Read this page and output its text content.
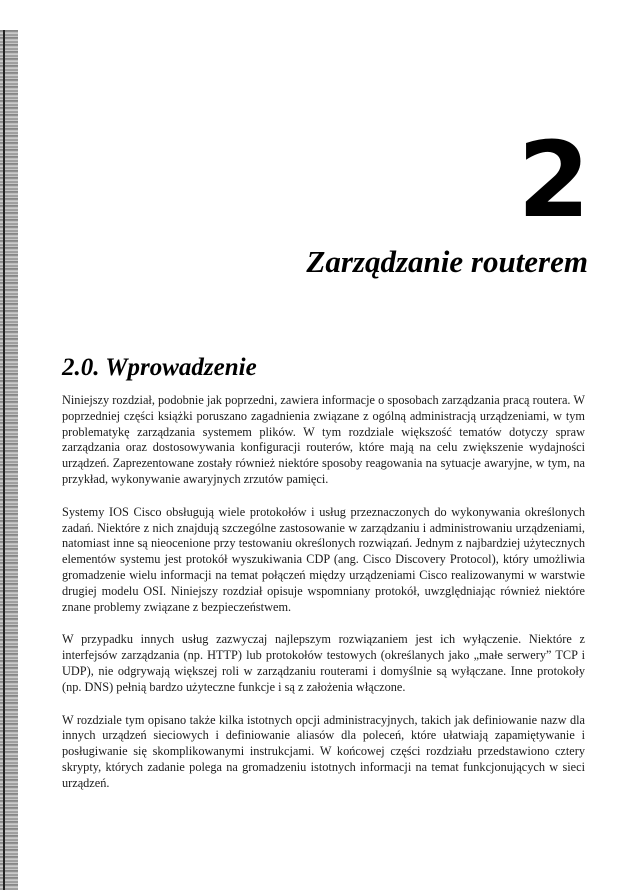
2
Zarządzanie routerem
2.0. Wprowadzenie

Niniejszy rozdział, podobnie jak poprzedni, zawiera informacje o sposobach zarządzania pracą routera. W poprzedniej części książki poruszano zagadnienia związane z ogólną administracją urządzeniami, w tym problematykę zarządzania systemem plików. W tym rozdziale większość tematów dotyczy spraw zarządzania oraz dostosowywania konfiguracji routerów, które mają na celu zwiększenie wydajności urządzeń. Zaprezentowane zostały również niektóre sposoby reagowania na sytuacje awaryjne, w tym, na przykład, wykonywanie awaryjnych zrzutów pamięci.

Systemy IOS Cisco obsługują wiele protokołów i usług przeznaczonych do wykonywania określonych zadań. Niektóre z nich znajdują szczególne zastosowanie w zarządzaniu i administrowaniu urządzeniami, natomiast inne są nieocenione przy testowaniu określonych rozwiązań. Jednym z najbardziej użytecznych elementów systemu jest protokół wyszukiwania CDP (ang. Cisco Discovery Protocol), który umożliwia gromadzenie wielu informacji na temat połączeń między urządzeniami Cisco realizowanymi w warstwie drugiej modelu OSI. Niniejszy rozdział opisuje wspomniany protokół, uwzględniając również niektóre znane problemy związane z bezpieczeństwem.

W przypadku innych usług zazwyczaj najlepszym rozwiązaniem jest ich wyłączenie. Niektóre z interfejsów zarządzania (np. HTTP) lub protokołów testowych (określanych jako „małe serwery” TCP i UDP), nie odgrywają większej roli w zarządzaniu routerami i domyślnie są wyłączane. Inne protokoły (np. DNS) pełnią bardzo użyteczne funkcje i są z założenia włączone.

W rozdziale tym opisano także kilka istotnych opcji administracyjnych, takich jak definiowanie nazw dla innych urządzeń sieciowych i definiowanie aliasów dla poleceń, które ułatwiają zapamiętywanie i posługiwanie się skomplikowanymi instrukcjami. W końcowej części rozdziału przedstawiono cztery skrypty, których zadanie polega na gromadzeniu istotnych informacji na temat funkcjonujących w sieci urządzeń.
